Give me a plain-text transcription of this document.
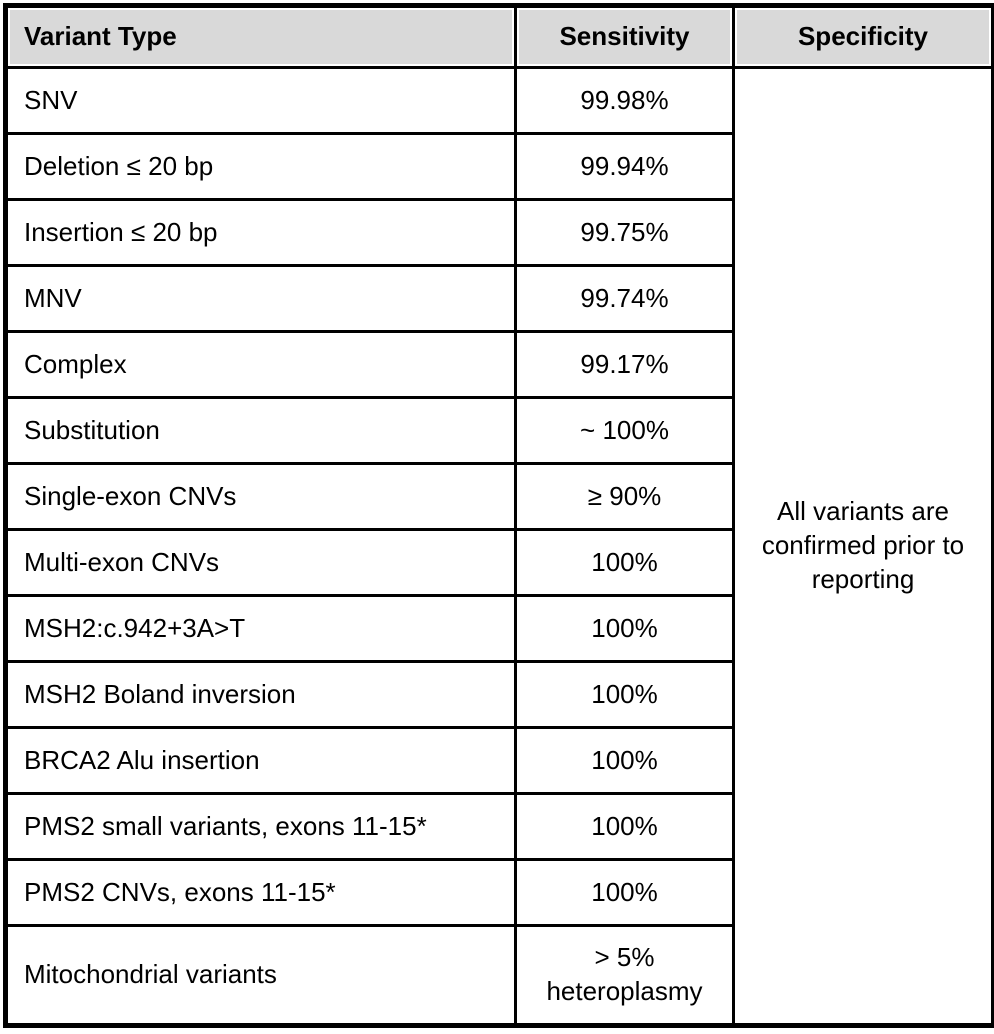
Variant Type	Sensitivity	Specificity
SNV	99.98%	All variants are confirmed prior to reporting
Deletion ≤ 20 bp	99.94%	
Insertion ≤ 20 bp	99.75%	
MNV	99.74%	
Complex	99.17%	
Substitution	~ 100%	
Single-exon CNVs	≥ 90%	
Multi-exon CNVs	100%	
MSH2:c.942+3A>T	100%	
MSH2 Boland inversion	100%	
BRCA2 Alu insertion	100%	
PMS2 small variants, exons 11-15*	100%	
PMS2 CNVs, exons 11-15*	100%	
Mitochondrial variants	> 5% heteroplasmy	
